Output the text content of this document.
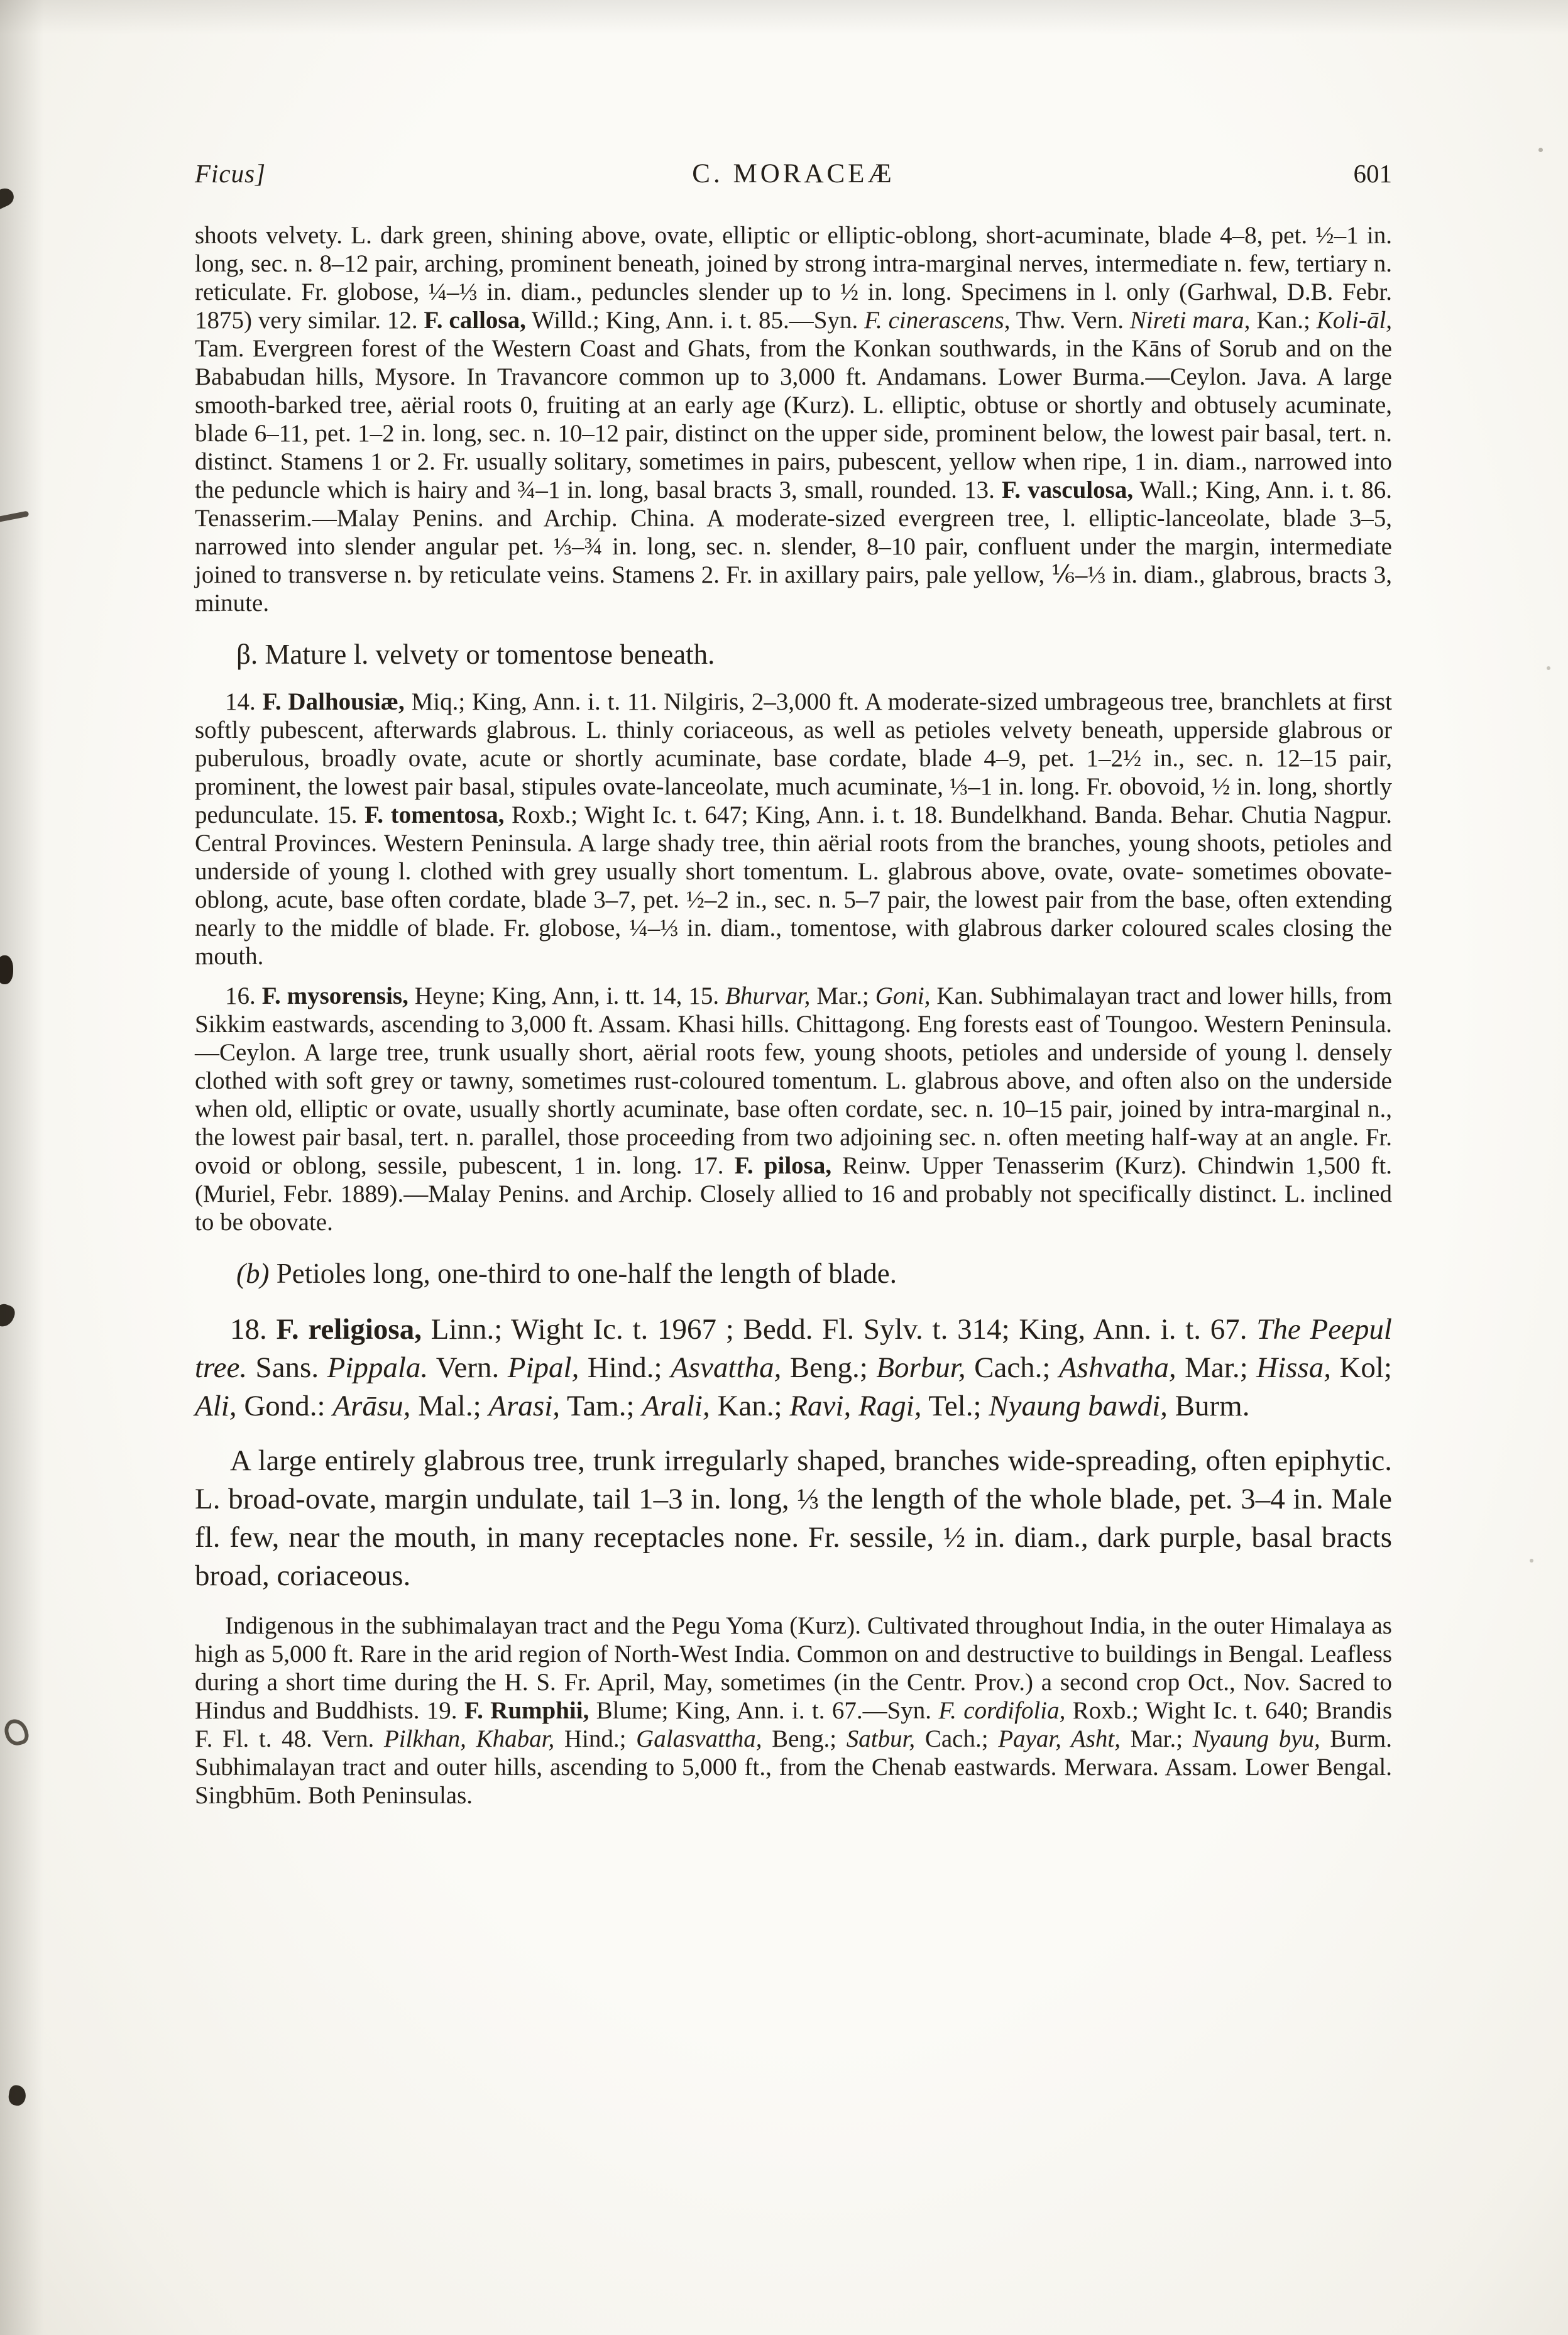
Ficus]	C. MORACEÆ	601

shoots velvety. L. dark green, shining above, ovate, elliptic or elliptic-oblong, short-acuminate, blade 4–8, pet. ½–1 in. long, sec. n. 8–12 pair, arching, prominent beneath, joined by strong intra-marginal nerves, intermediate n. few, tertiary n. reticulate. Fr. globose, ¼–⅓ in. diam., peduncles slender up to ½ in. long. Specimens in l. only (Garhwal, D.B. Febr. 1875) very similar. 12. F. callosa, Willd.; King, Ann. i. t. 85.—Syn. F. cinerascens, Thw. Vern. Nireti mara, Kan.; Koli-āl, Tam. Evergreen forest of the Western Coast and Ghats, from the Konkan southwards, in the Kāns of Sorub and on the Bababudan hills, Mysore. In Travancore common up to 3,000 ft. Andamans. Lower Burma.—Ceylon. Java. A large smooth-barked tree, aërial roots 0, fruiting at an early age (Kurz). L. elliptic, obtuse or shortly and obtusely acuminate, blade 6–11, pet. 1–2 in. long, sec. n. 10–12 pair, distinct on the upper side, prominent below, the lowest pair basal, tert. n. distinct. Stamens 1 or 2. Fr. usually solitary, sometimes in pairs, pubescent, yellow when ripe, 1 in. diam., narrowed into the peduncle which is hairy and ¾–1 in. long, basal bracts 3, small, rounded. 13. F. vasculosa, Wall.; King, Ann. i. t. 86. Tenasserim.—Malay Penins. and Archip. China. A moderate-sized evergreen tree, l. elliptic-lanceolate, blade 3–5, narrowed into slender angular pet. ⅓–¾ in. long, sec. n. slender, 8–10 pair, confluent under the margin, intermediate joined to transverse n. by reticulate veins. Stamens 2. Fr. in axillary pairs, pale yellow, ⅙–⅓ in. diam., glabrous, bracts 3, minute.

β. Mature l. velvety or tomentose beneath.

14. F. Dalhousiæ, Miq.; King, Ann. i. t. 11. Nilgiris, 2–3,000 ft. A moderate-sized umbrageous tree, branchlets at first softly pubescent, afterwards glabrous. L. thinly coriaceous, as well as petioles velvety beneath, upperside glabrous or puberulous, broadly ovate, acute or shortly acuminate, base cordate, blade 4–9, pet. 1–2½ in., sec. n. 12–15 pair, prominent, the lowest pair basal, stipules ovate-lanceolate, much acuminate, ⅓–1 in. long. Fr. obovoid, ½ in. long, shortly pedunculate. 15. F. tomentosa, Roxb.; Wight Ic. t. 647; King, Ann. i. t. 18. Bundelkhand. Banda. Behar. Chutia Nagpur. Central Provinces. Western Peninsula. A large shady tree, thin aërial roots from the branches, young shoots, petioles and underside of young l. clothed with grey usually short tomentum. L. glabrous above, ovate, ovate- sometimes obovate-oblong, acute, base often cordate, blade 3–7, pet. ½–2 in., sec. n. 5–7 pair, the lowest pair from the base, often extending nearly to the middle of blade. Fr. globose, ¼–⅓ in. diam., tomentose, with glabrous darker coloured scales closing the mouth.

16. F. mysorensis, Heyne; King, Ann, i. tt. 14, 15. Bhurvar, Mar.; Goni, Kan. Subhimalayan tract and lower hills, from Sikkim eastwards, ascending to 3,000 ft. Assam. Khasi hills. Chittagong. Eng forests east of Toungoo. Western Peninsula.—Ceylon. A large tree, trunk usually short, aërial roots few, young shoots, petioles and underside of young l. densely clothed with soft grey or tawny, sometimes rust-coloured tomentum. L. glabrous above, and often also on the underside when old, elliptic or ovate, usually shortly acuminate, base often cordate, sec. n. 10–15 pair, joined by intra-marginal n., the lowest pair basal, tert. n. parallel, those proceeding from two adjoining sec. n. often meeting half-way at an angle. Fr. ovoid or oblong, sessile, pubescent, 1 in. long. 17. F. pilosa, Reinw. Upper Tenasserim (Kurz). Chindwin 1,500 ft. (Muriel, Febr. 1889).—Malay Penins. and Archip. Closely allied to 16 and probably not specifically distinct. L. inclined to be obovate.

(b) Petioles long, one-third to one-half the length of blade.

18. F. religiosa, Linn.; Wight Ic. t. 1967 ; Bedd. Fl. Sylv. t. 314; King, Ann. i. t. 67. The Peepul tree. Sans. Pippala. Vern. Pipal, Hind.; Asvattha, Beng.; Borbur, Cach.; Ashvatha, Mar.; Hissa, Kol; Ali, Gond.: Arāsu, Mal.; Arasi, Tam.; Arali, Kan.; Ravi, Ragi, Tel.; Nyaung bawdi, Burm.

A large entirely glabrous tree, trunk irregularly shaped, branches wide-spreading, often epiphytic. L. broad-ovate, margin undulate, tail 1–3 in. long, ⅓ the length of the whole blade, pet. 3–4 in. Male fl. few, near the mouth, in many receptacles none. Fr. sessile, ½ in. diam., dark purple, basal bracts broad, coriaceous.

Indigenous in the subhimalayan tract and the Pegu Yoma (Kurz). Cultivated throughout India, in the outer Himalaya as high as 5,000 ft. Rare in the arid region of North-West India. Common on and destructive to buildings in Bengal. Leafless during a short time during the H. S. Fr. April, May, sometimes (in the Centr. Prov.) a second crop Oct., Nov. Sacred to Hindus and Buddhists. 19. F. Rumphii, Blume; King, Ann. i. t. 67.—Syn. F. cordifolia, Roxb.; Wight Ic. t. 640; Brandis F. Fl. t. 48. Vern. Pilkhan, Khabar, Hind.; Galasvattha, Beng.; Satbur, Cach.; Payar, Asht, Mar.; Nyaung byu, Burm. Subhimalayan tract and outer hills, ascending to 5,000 ft., from the Chenab eastwards. Merwara. Assam. Lower Bengal. Singbhūm. Both Peninsulas.
